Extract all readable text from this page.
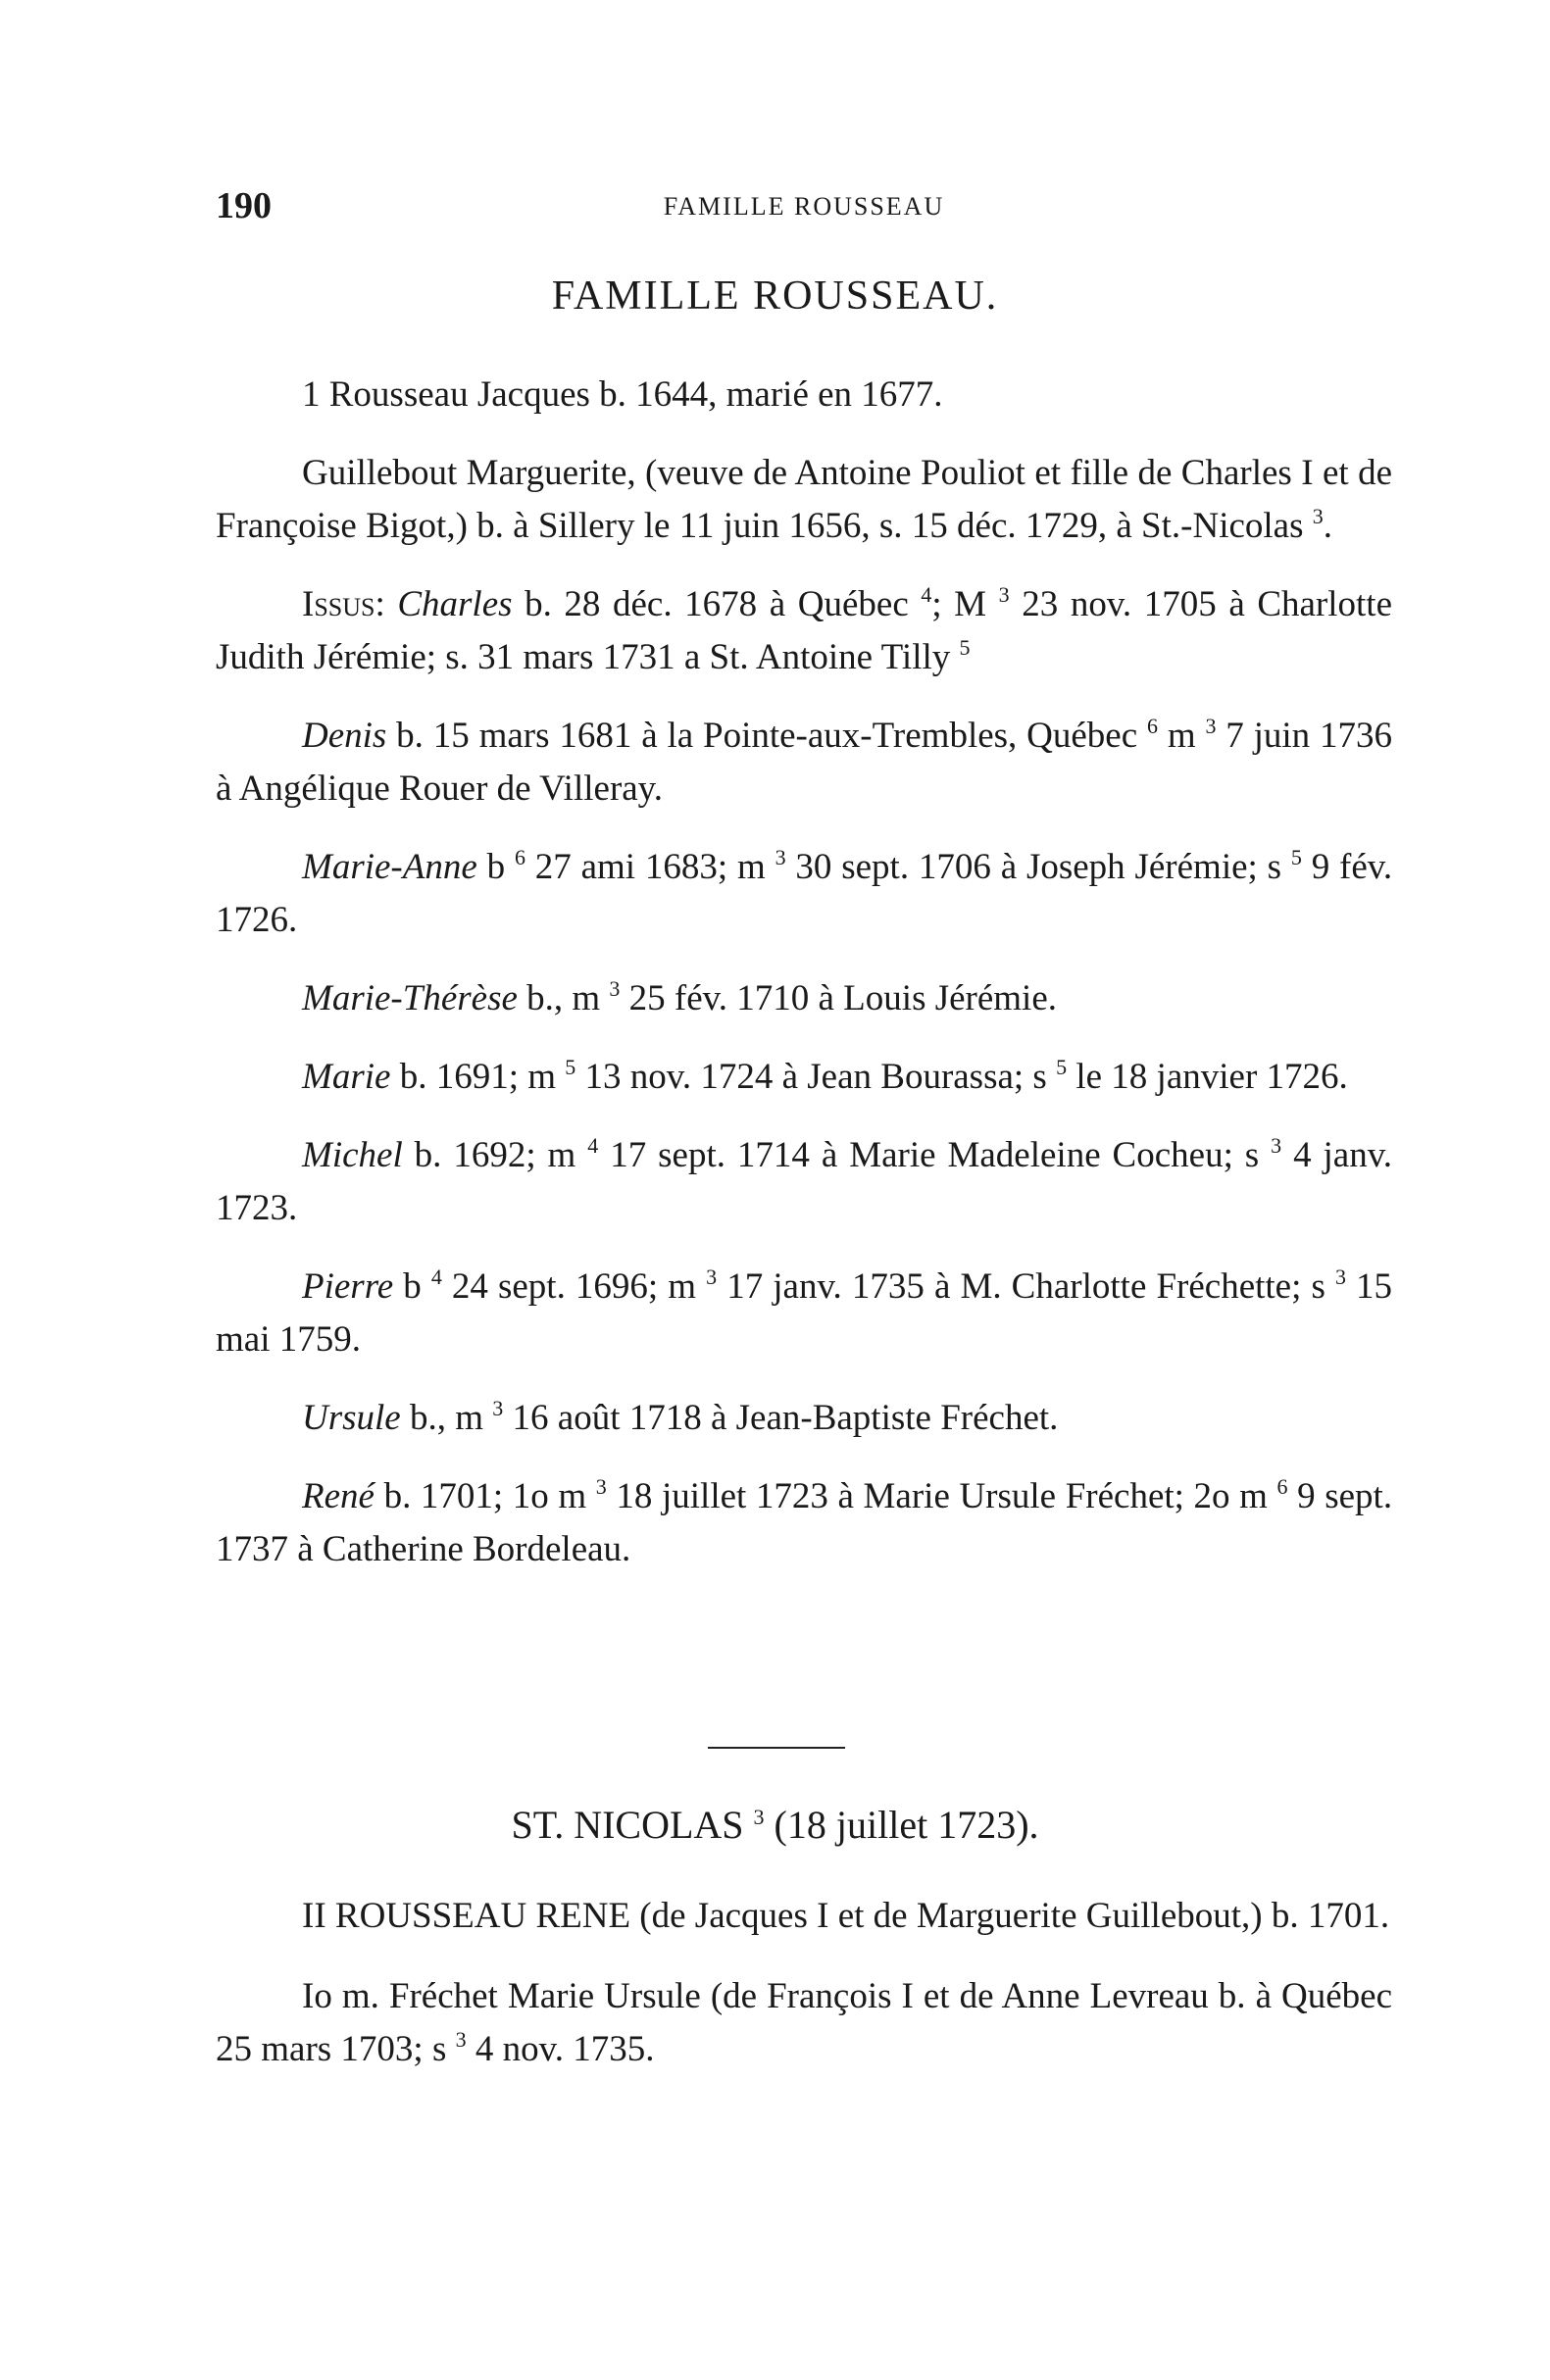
190	FAMILLE ROUSSEAU
FAMILLE ROUSSEAU.

1 Rousseau Jacques b. 1644, marié en 1677.

Guillebout Marguerite, (veuve de Antoine Pouliot et fille de Charles I et de Françoise Bigot,) b. à Sillery le 11 juin 1656, s. 15 déc. 1729, à St.-Nicolas $^3$.

Issus: Charles b. 28 déc. 1678 à Québec $^4$; M $^3$ 23 nov. 1705 à Charlotte Judith Jérémie; s. 31 mars 1731 a St. Antoine Tilly $^5$

Denis b. 15 mars 1681 à la Pointe-aux-Trembles, Québec $^6$ m $^3$ 7 juin 1736 à Angélique Rouer de Villeray.

Marie-Anne b $^6$ 27 ami 1683; m $^3$ 30 sept. 1706 à Joseph Jérémie; s $^5$ 9 fév. 1726.

Marie-Thérèse b., m $^3$ 25 fév. 1710 à Louis Jérémie.

Marie b. 1691; m $^5$ 13 nov. 1724 à Jean Bourassa; s $^5$ le 18 janvier 1726.

Michel b. 1692; m $^4$ 17 sept. 1714 à Marie Madeleine Cocheu; s $^3$ 4 janv. 1723.

Pierre b $^4$ 24 sept. 1696; m $^3$ 17 janv. 1735 à M. Charlotte Fréchette; s $^3$ 15 mai 1759.

Ursule b., m $^3$ 16 août 1718 à Jean-Baptiste Fréchet.

René b. 1701; 1o m $^3$ 18 juillet 1723 à Marie Ursule Fréchet; 2o m $^6$ 9 sept. 1737 à Catherine Bordeleau.

ST. NICOLAS $^3$ (18 juillet 1723).

II ROUSSEAU RENE (de Jacques I et de Marguerite Guillebout,) b. 1701.

Io m. Fréchet Marie Ursule (de François I et de Anne Levreau b. à Québec 25 mars 1703; s $^3$ 4 nov. 1735.
